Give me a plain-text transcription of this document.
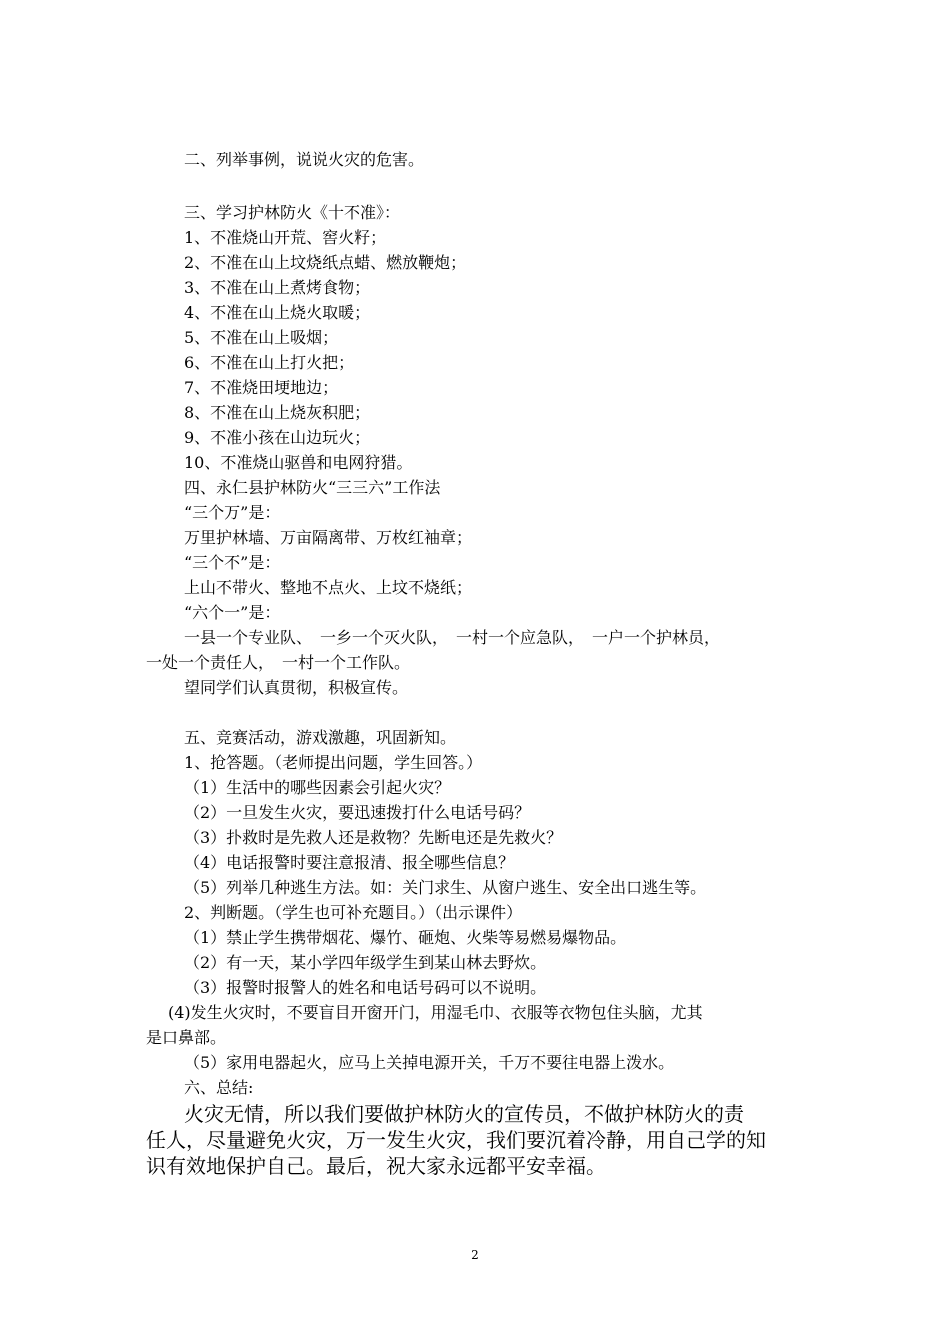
二、列举事例，说说火灾的危害。
三、学习护林防火《十不准》：
1、不准烧山开荒、窖火籽；
2、不准在山上坟烧纸点蜡、燃放鞭炮；
3、不准在山上煮烤食物；
4、不准在山上烧火取暖；
5、不准在山上吸烟；
6、不准在山上打火把；
7、不准烧田埂地边；
8、不准在山上烧灰积肥；
9、不准小孩在山边玩火；
10、不准烧山驱兽和电网狩猎。
四、永仁县护林防火“三三六”工作法
“三个万”是：
万里护林墙、万亩隔离带、万枚红袖章；
“三个不”是：
上山不带火、整地不点火、上坟不烧纸；
“六个一”是：
一县一个专业队、　一乡一个灭火队，　一村一个应急队，　一户一个护林员，
一处一个责任人，　一村一个工作队。
望同学们认真贯彻，积极宣传。
五、竞赛活动，游戏激趣，巩固新知。
1、抢答题。（老师提出问题，学生回答。）
（1）生活中的哪些因素会引起火灾？
（2）一旦发生火灾，要迅速拨打什么电话号码？
（3）扑救时是先救人还是救物？先断电还是先救火？
（4）电话报警时要注意报清、报全哪些信息？
（5）列举几种逃生方法。如：关门求生、从窗户逃生、安全出口逃生等。
2、判断题。（学生也可补充题目。）（出示课件）
（1）禁止学生携带烟花、爆竹、砸炮、火柴等易燃易爆物品。
（2）有一天，某小学四年级学生到某山林去野炊。
（3）报警时报警人的姓名和电话号码可以不说明。
(4)发生火灾时，不要盲目开窗开门，用湿毛巾、衣服等衣物包住头脑，尤其
是口鼻部。
（5）家用电器起火，应马上关掉电源开关，千万不要往电器上泼水。
六、总结:
火灾无情，所以我们要做护林防火的宣传员，不做护林防火的责
任人，尽量避免火灾，万一发生火灾，我们要沉着冷静，用自己学的知
识有效地保护自己。最后，祝大家永远都平安幸福。
2
